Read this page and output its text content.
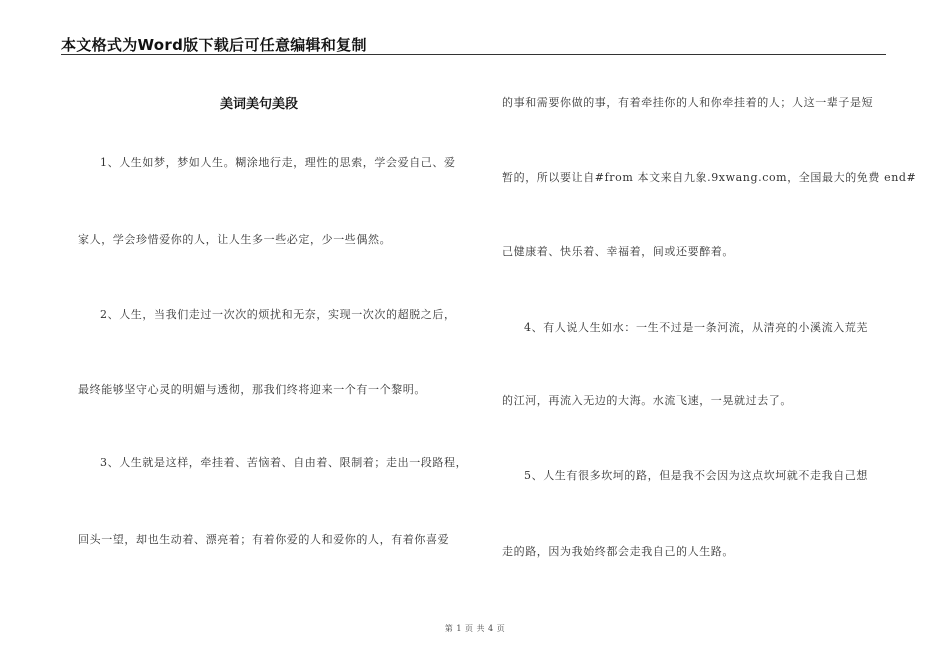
本文格式为Word版下载后可任意编辑和复制
美词美句美段
1、人生如梦，梦如人生。糊涂地行走，理性的思索，学会爱自己、爱
家人，学会珍惜爱你的人，让人生多一些必定，少一些偶然。
2、人生，当我们走过一次次的烦扰和无奈，实现一次次的超脱之后，
最终能够坚守心灵的明媚与透彻，那我们终将迎来一个有一个黎明。
3、人生就是这样，牵挂着、苦恼着、自由着、限制着；走出一段路程，
回头一望，却也生动着、漂亮着；有着你爱的人和爱你的人，有着你喜爱
的事和需要你做的事，有着牵挂你的人和你牵挂着的人；人这一辈子是短
暂的，所以要让自#from 本文来自九象.9xwang.com，全国最大的免费 end#
己健康着、快乐着、幸福着，间或还要醉着。
4、有人说人生如水：一生不过是一条河流，从清亮的小溪流入荒芜
的江河，再流入无边的大海。水流飞速，一晃就过去了。
5、人生有很多坎坷的路，但是我不会因为这点坎坷就不走我自己想
走的路，因为我始终都会走我自己的人生路。
第 1 页 共 4 页
